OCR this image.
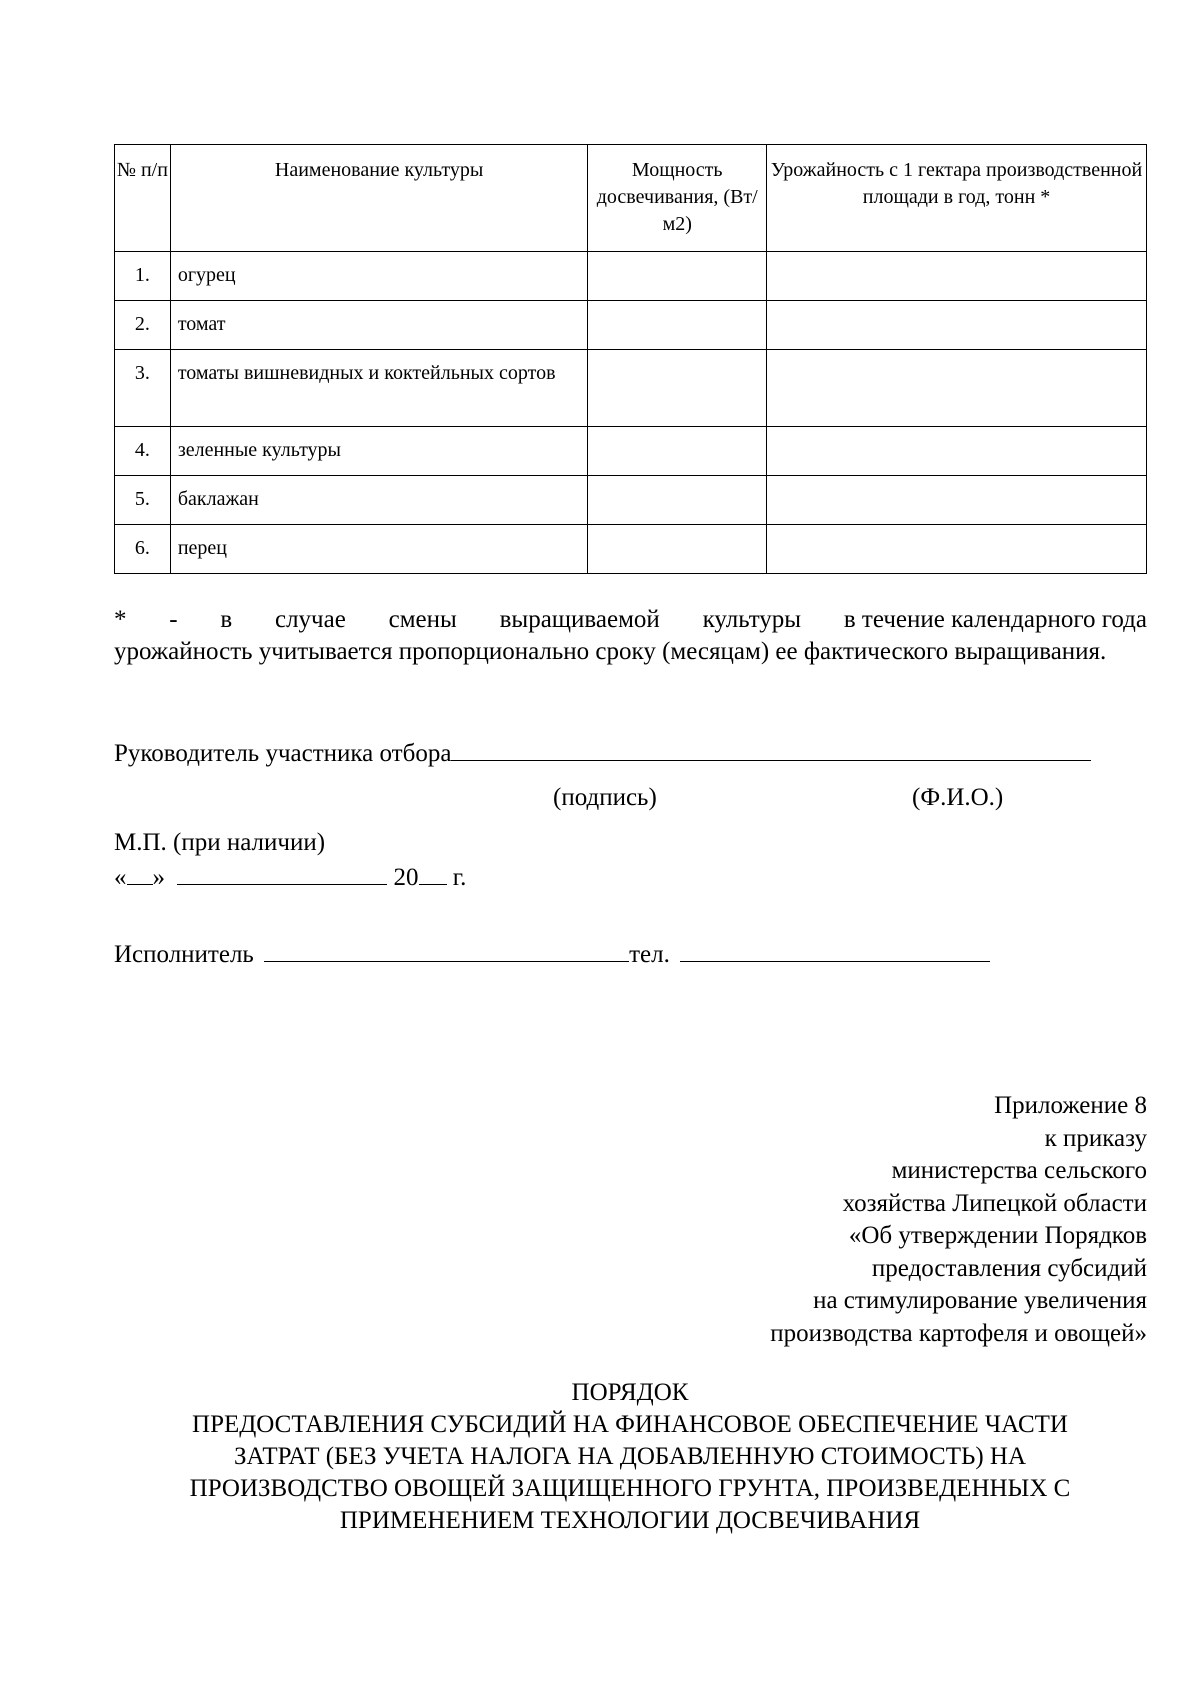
№ п/п	Наименование культуры	Мощность досвечивания, (Вт/м2)	Урожайность с 1 гектара производственной площади в год, тонн *
1.	огурец		
2.	томат		
3.	томаты вишневидных и коктейльных сортов		
4.	зеленные культуры		
5.	баклажан		
6.	перец		
* - в случае смены выращиваемой культуры в течение календарного года
урожайность учитывается пропорционально сроку (месяцам) ее фактического выращивания.
Руководитель участника отбора
(подпись)	(Ф.И.О.)
М.П. (при наличии)
« »	20 г.
Исполнитель	тел.
Приложение 8
к приказу
министерства сельского
хозяйства Липецкой области
«Об утверждении Порядков
предоставления субсидий
на стимулирование увеличения
производства картофеля и овощей»
ПОРЯДОК
ПРЕДОСТАВЛЕНИЯ СУБСИДИЙ НА ФИНАНСОВОЕ ОБЕСПЕЧЕНИЕ ЧАСТИ
ЗАТРАТ (БЕЗ УЧЕТА НАЛОГА НА ДОБАВЛЕННУЮ СТОИМОСТЬ) НА
ПРОИЗВОДСТВО ОВОЩЕЙ ЗАЩИЩЕННОГО ГРУНТА, ПРОИЗВЕДЕННЫХ С
ПРИМЕНЕНИЕМ ТЕХНОЛОГИИ ДОСВЕЧИВАНИЯ
